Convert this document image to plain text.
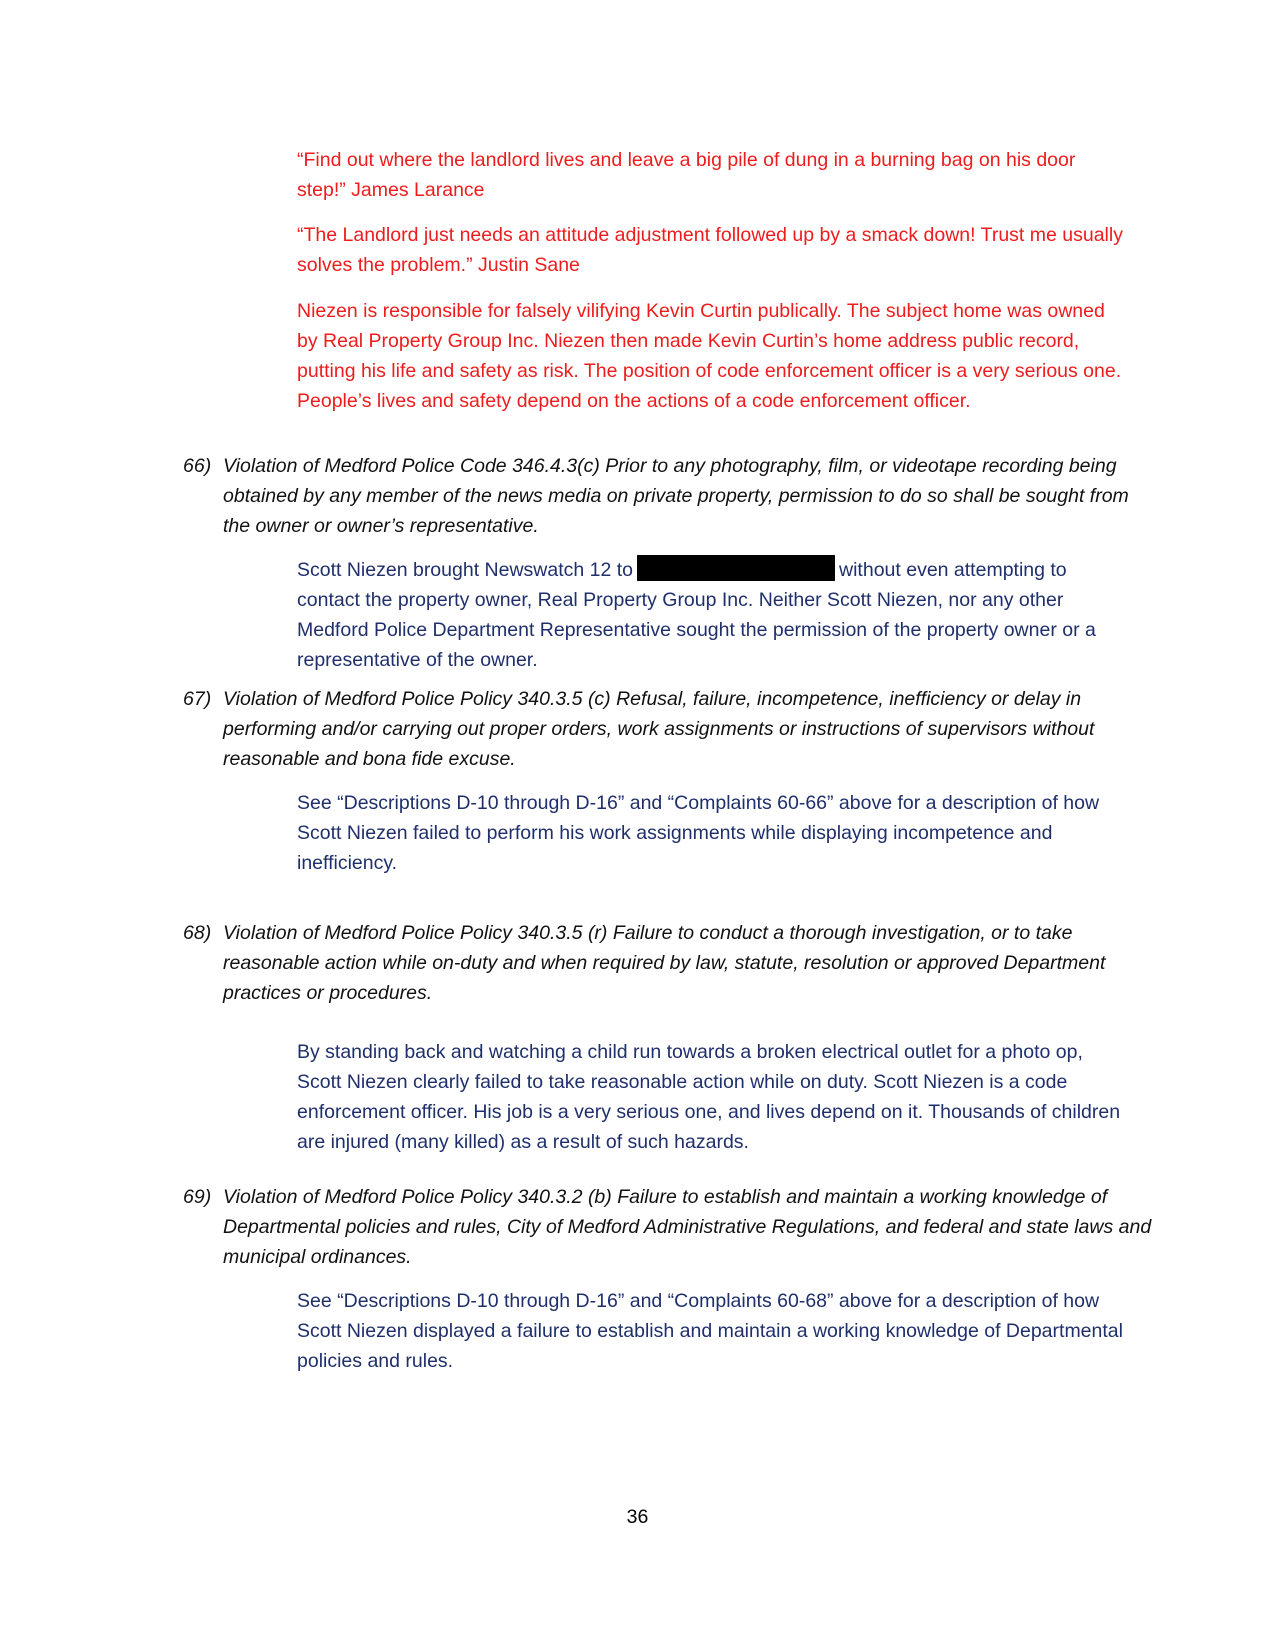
“Find out where the landlord lives and leave a big pile of dung in a burning bag on his door step!” James Larance

“The Landlord just needs an attitude adjustment followed up by a smack down! Trust me usually solves the problem.” Justin Sane

Niezen is responsible for falsely vilifying Kevin Curtin publically. The subject home was owned by Real Property Group Inc. Niezen then made Kevin Curtin’s home address public record, putting his life and safety as risk. The position of code enforcement officer is a very serious one. People’s lives and safety depend on the actions of a code enforcement officer.

66) Violation of Medford Police Code 346.4.3(c) Prior to any photography, film, or videotape recording being obtained by any member of the news media on private property, permission to do so shall be sought from the owner or owner’s representative.

Scott Niezen brought Newswatch 12 to	without even attempting to contact the property owner, Real Property Group Inc. Neither Scott Niezen, nor any other Medford Police Department Representative sought the permission of the property owner or a representative of the owner.

67) Violation of Medford Police Policy 340.3.5 (c) Refusal, failure, incompetence, inefficiency or delay in performing and/or carrying out proper orders, work assignments or instructions of supervisors without reasonable and bona fide excuse.

See “Descriptions D-10 through D-16” and “Complaints 60-66” above for a description of how Scott Niezen failed to perform his work assignments while displaying incompetence and inefficiency.

68) Violation of Medford Police Policy 340.3.5 (r) Failure to conduct a thorough investigation, or to take reasonable action while on-duty and when required by law, statute, resolution or approved Department practices or procedures.

By standing back and watching a child run towards a broken electrical outlet for a photo op, Scott Niezen clearly failed to take reasonable action while on duty. Scott Niezen is a code enforcement officer. His job is a very serious one, and lives depend on it. Thousands of children are injured (many killed) as a result of such hazards.

69) Violation of Medford Police Policy 340.3.2 (b) Failure to establish and maintain a working knowledge of Departmental policies and rules, City of Medford Administrative Regulations, and federal and state laws and municipal ordinances.

See “Descriptions D-10 through D-16” and “Complaints 60-68” above for a description of how Scott Niezen displayed a failure to establish and maintain a working knowledge of Departmental policies and rules.

36
